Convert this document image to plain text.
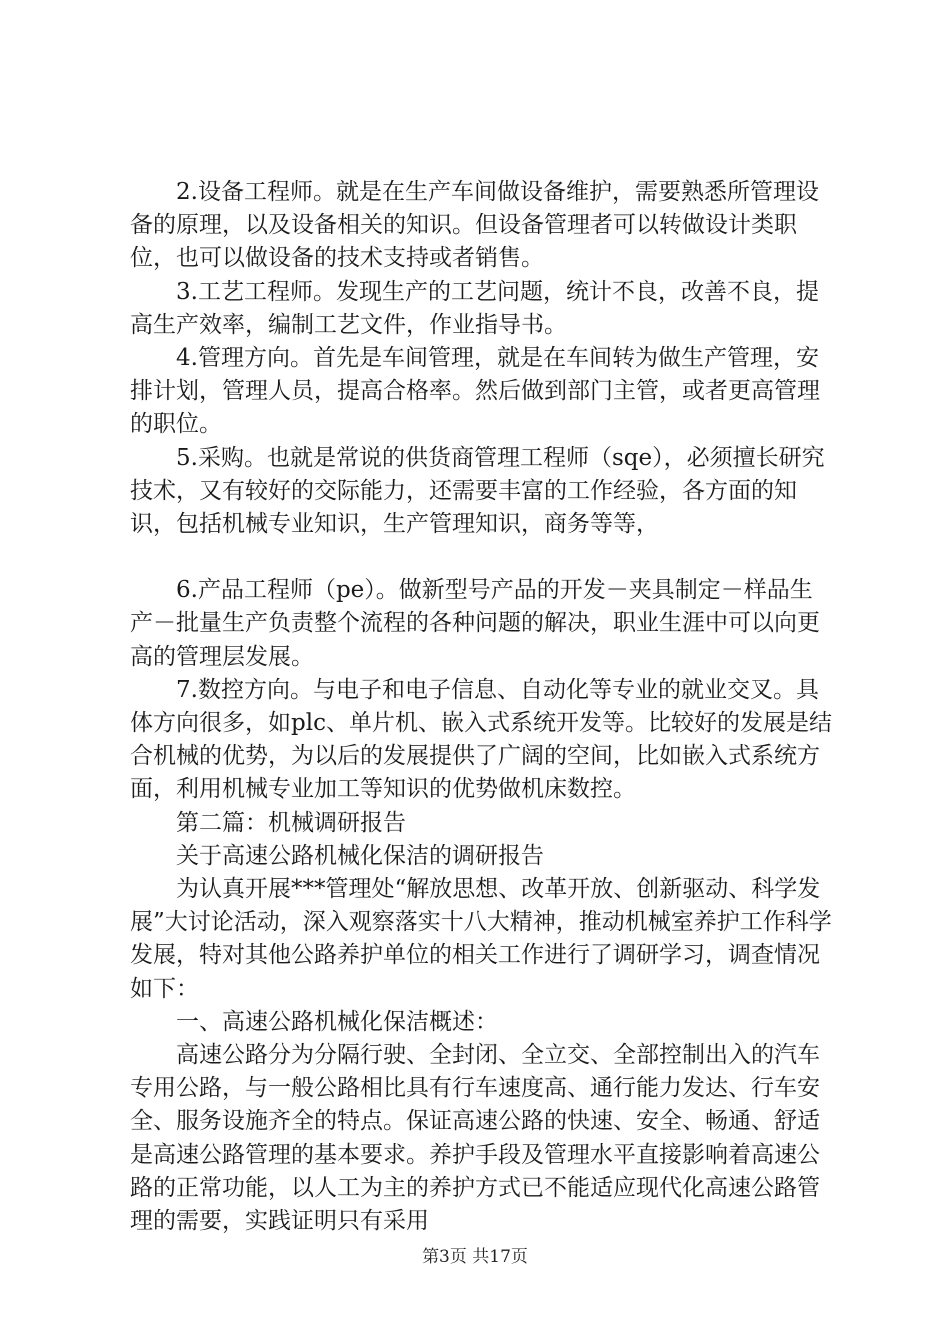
2.设备工程师。就是在生产车间做设备维护，需要熟悉所管理设备的原理，以及设备相关的知识。但设备管理者可以转做设计类职位，也可以做设备的技术支持或者销售。

3.工艺工程师。发现生产的工艺问题，统计不良，改善不良，提高生产效率，编制工艺文件，作业指导书。

4.管理方向。首先是车间管理，就是在车间转为做生产管理，安排计划，管理人员，提高合格率。然后做到部门主管，或者更高管理的职位。

5.采购。也就是常说的供货商管理工程师（sqe），必须擅长研究技术，又有较好的交际能力，还需要丰富的工作经验，各方面的知识，包括机械专业知识，生产管理知识，商务等等，

6.产品工程师（pe）。做新型号产品的开发－夹具制定－样品生产－批量生产负责整个流程的各种问题的解决，职业生涯中可以向更高的管理层发展。

7.数控方向。与电子和电子信息、自动化等专业的就业交叉。具体方向很多，如plc、单片机、嵌入式系统开发等。比较好的发展是结合机械的优势，为以后的发展提供了广阔的空间，比如嵌入式系统方面，利用机械专业加工等知识的优势做机床数控。

第二篇：机械调研报告

关于高速公路机械化保洁的调研报告

为认真开展***管理处“解放思想、改革开放、创新驱动、科学发展”大讨论活动，深入观察落实十八大精神，推动机械室养护工作科学发展，特对其他公路养护单位的相关工作进行了调研学习，调查情况如下：

一、高速公路机械化保洁概述：

高速公路分为分隔行驶、全封闭、全立交、全部控制出入的汽车专用公路，与一般公路相比具有行车速度高、通行能力发达、行车安全、服务设施齐全的特点。保证高速公路的快速、安全、畅通、舒适是高速公路管理的基本要求。养护手段及管理水平直接影响着高速公路的正常功能，以人工为主的养护方式已不能适应现代化高速公路管理的需要，实践证明只有采用

第3页 共17页
